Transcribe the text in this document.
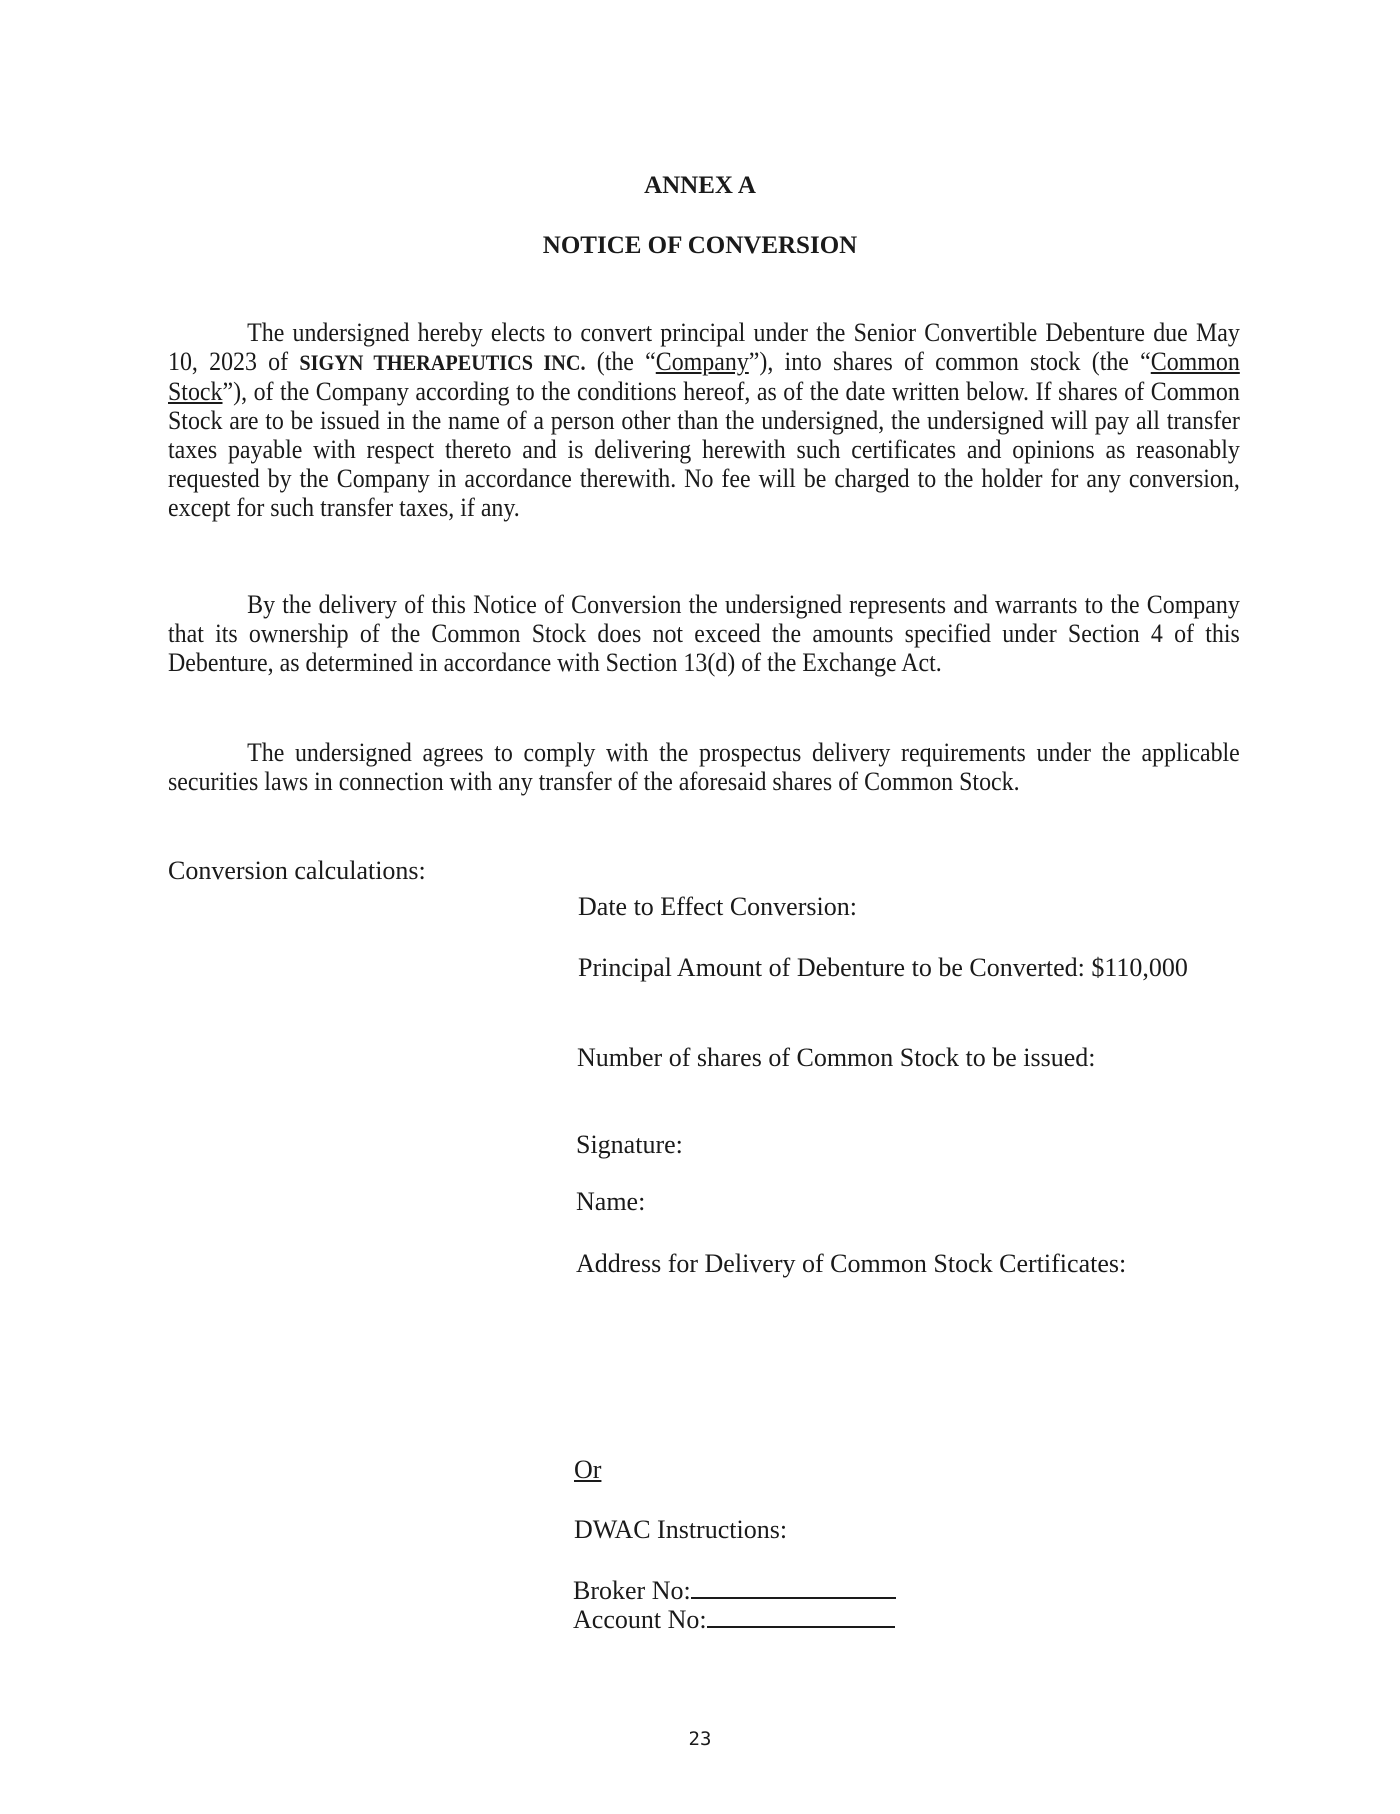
ANNEX A
NOTICE OF CONVERSION
The undersigned hereby elects to convert principal under the Senior Convertible Debenture due May 10, 2023 of SIGYN THERAPEUTICS INC. (the “Company”), into shares of common stock (the “Common Stock”), of the Company according to the conditions hereof, as of the date written below. If shares of Common Stock are to be issued in the name of a person other than the undersigned, the undersigned will pay all transfer taxes payable with respect thereto and is delivering herewith such certificates and opinions as reasonably requested by the Company in accordance therewith. No fee will be charged to the holder for any conversion, except for such transfer taxes, if any.
By the delivery of this Notice of Conversion the undersigned represents and warrants to the Company that its ownership of the Common Stock does not exceed the amounts specified under Section 4 of this Debenture, as determined in accordance with Section 13(d) of the Exchange Act.
The undersigned agrees to comply with the prospectus delivery requirements under the applicable securities laws in connection with any transfer of the aforesaid shares of Common Stock.
Conversion calculations:
Date to Effect Conversion:
Principal Amount of Debenture to be Converted: $110,000
Number of shares of Common Stock to be issued:
Signature:
Name:
Address for Delivery of Common Stock Certificates:
Or
DWAC Instructions:
Broker No:
Account No:
23
